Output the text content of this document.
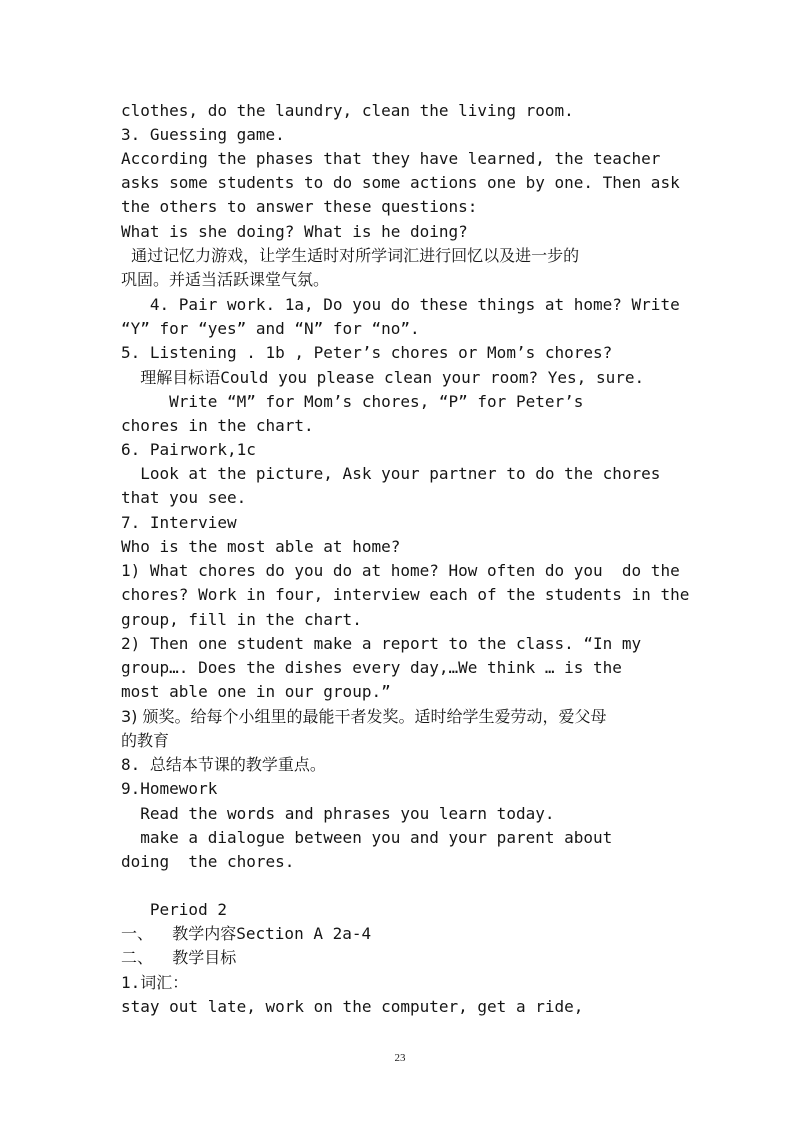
clothes, do the laundry, clean the living room.
3. Guessing game.
According the phases that they have learned, the teacher
asks some students to do some actions one by one. Then ask
the others to answer these questions:
What is she doing? What is he doing?
通过记忆力游戏，让学生适时对所学词汇进行回忆以及进一步的
巩固。并适当活跃课堂气氛。
4. Pair work. 1a, Do you do these things at home? Write
“Y” for “yes” and “N” for “no”.
5. Listening . 1b , Peter’s chores or Mom’s chores?
理解目标语Could you please clean your room? Yes, sure.
Write “M” for Mom’s chores, “P” for Peter’s
chores in the chart.
6. Pairwork,1c
Look at the picture, Ask your partner to do the chores
that you see.
7. Interview
Who is the most able at home?
1) What chores do you do at home? How often do you  do the
chores? Work in four, interview each of the students in the
group, fill in the chart.
2) Then one student make a report to the class. “In my
group…. Does the dishes every day,…We think … is the
most able one in our group.”
3) 颁奖。给每个小组里的最能干者发奖。适时给学生爱劳动，爱父母
的教育
8. 总结本节课的教学重点。
9.Homework
Read the words and phrases you learn today.
make a dialogue between you and your parent about
doing  the chores.
Period 2
一、  教学内容Section A 2a-4
二、  教学目标
1.词汇：
stay out late, work on the computer, get a ride,
23
